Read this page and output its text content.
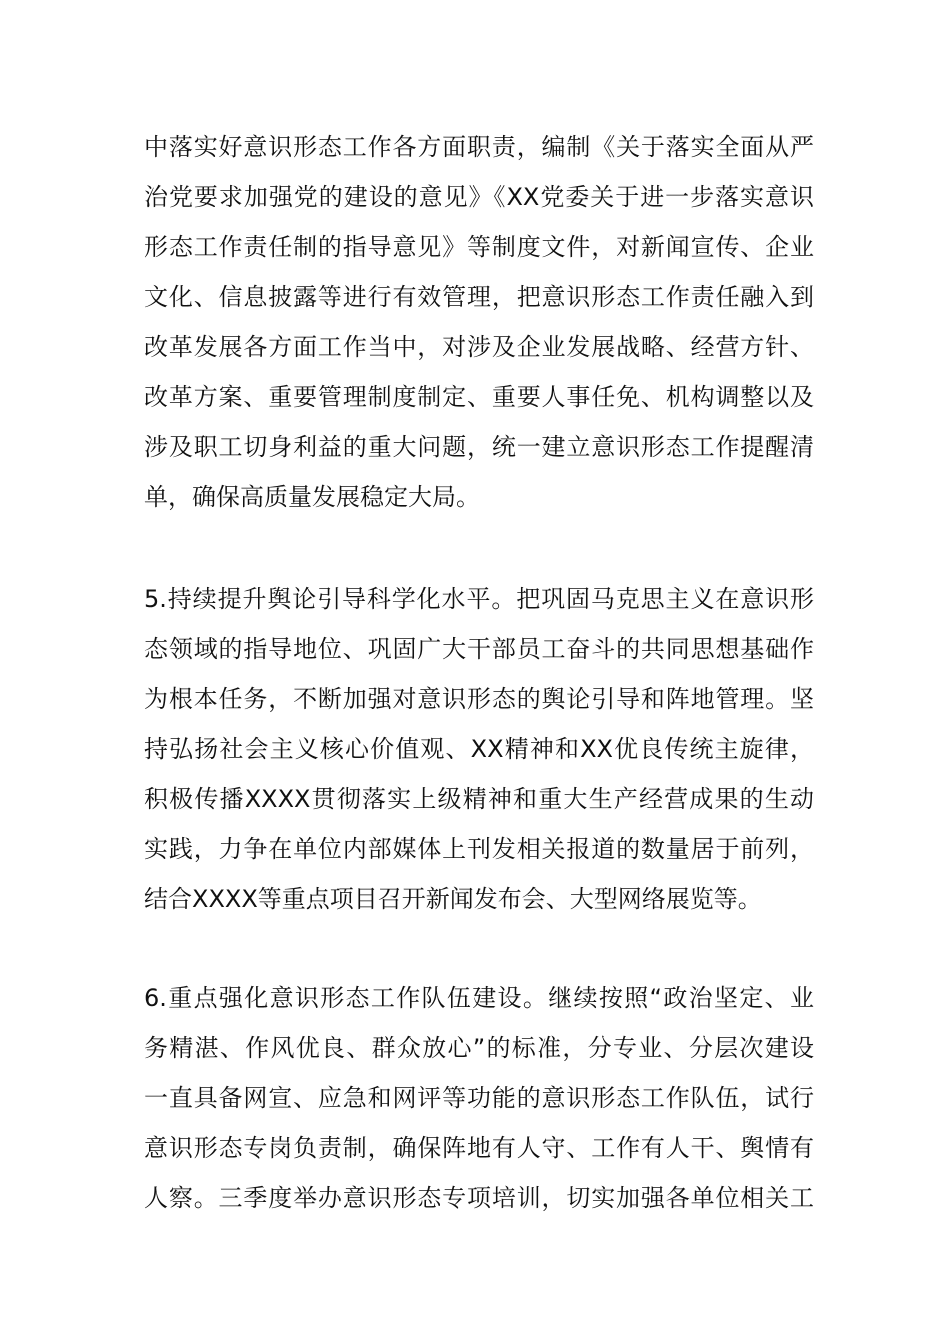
中落实好意识形态工作各方面职责，编制《关于落实全面从严
治党要求加强党的建设的意见》《XX党委关于进一步落实意识
形态工作责任制的指导意见》等制度文件，对新闻宣传、企业
文化、信息披露等进行有效管理，把意识形态工作责任融入到
改革发展各方面工作当中，对涉及企业发展战略、经营方针、
改革方案、重要管理制度制定、重要人事任免、机构调整以及
涉及职工切身利益的重大问题，统一建立意识形态工作提醒清
单，确保高质量发展稳定大局。
5.持续提升舆论引导科学化水平。把巩固马克思主义在意识形
态领域的指导地位、巩固广大干部员工奋斗的共同思想基础作
为根本任务，不断加强对意识形态的舆论引导和阵地管理。坚
持弘扬社会主义核心价值观、XX精神和XX优良传统主旋律，
积极传播XXXX贯彻落实上级精神和重大生产经营成果的生动
实践，力争在单位内部媒体上刊发相关报道的数量居于前列，
结合XXXX等重点项目召开新闻发布会、大型网络展览等。
6.重点强化意识形态工作队伍建设。继续按照“政治坚定、业
务精湛、作风优良、群众放心”的标准，分专业、分层次建设
一直具备网宣、应急和网评等功能的意识形态工作队伍，试行
意识形态专岗负责制，确保阵地有人守、工作有人干、舆情有
人察。三季度举办意识形态专项培训，切实加强各单位相关工
